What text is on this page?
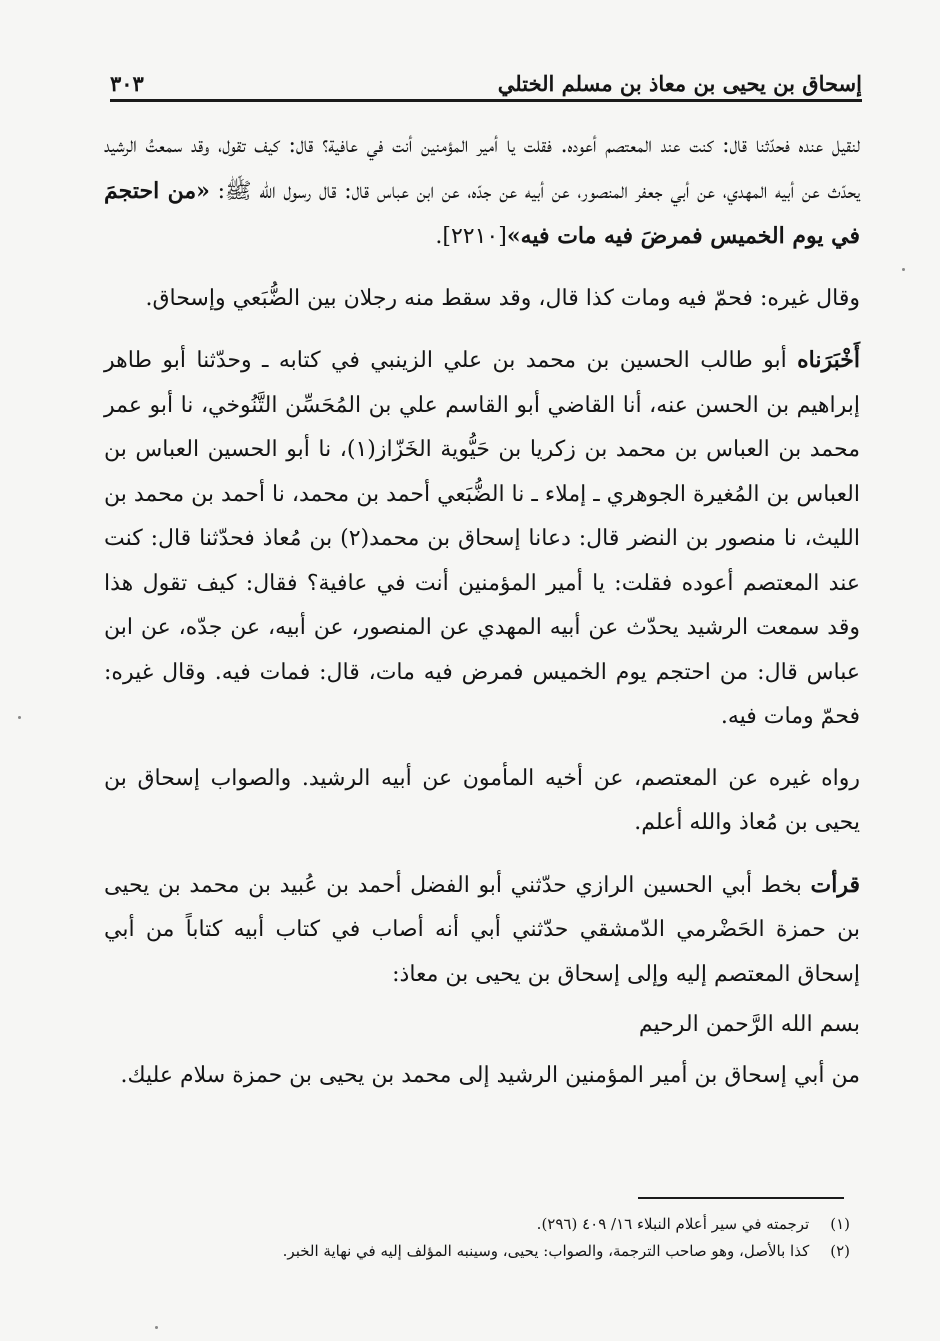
إسحاق بن يحيى بن معاذ بن مسلم الختلي
٣٠٣

لنقيل عنده فحدّثنا قال: كنت عند المعتصم أعوده. فقلت يا أمير المؤمنين أنت في عافية؟ قال: كيف تقول، وقد سمعتُ الرشيد يحدّث عن أبيه المهدي، عن أبي جعفر المنصور، عن أبيه عن جدّه، عن ابن عباس قال: قال رسول الله ﷺ: «من احتجمَ في يوم الخميس فمرضَ فيه مات فيه»[٢٢١٠].

وقال غيره: فحمّ فيه ومات كذا قال، وقد سقط منه رجلان بين الضُّبَعي وإسحاق.

أَخْبَرَناه أبو طالب الحسين بن محمد بن علي الزينبي في كتابه ـ وحدّثنا أبو طاهر إبراهيم بن الحسن عنه، أنا القاضي أبو القاسم علي بن المُحَسِّن التَّنُوخي، نا أبو عمر محمد بن العباس بن محمد بن زكريا بن حَيُّوية الخَزّاز(١)، نا أبو الحسين العباس بن العباس بن المُغيرة الجوهري ـ إملاء ـ نا الضُّبَعي أحمد بن محمد، نا أحمد بن محمد بن الليث، نا منصور بن النضر قال: دعانا إسحاق بن محمد(٢) بن مُعاذ فحدّثنا قال: كنت عند المعتصم أعوده فقلت: يا أمير المؤمنين أنت في عافية؟ فقال: كيف تقول هذا وقد سمعت الرشيد يحدّث عن أبيه المهدي عن المنصور، عن أبيه، عن جدّه، عن ابن عباس قال: من احتجم يوم الخميس فمرض فيه مات، قال: فمات فيه. وقال غيره: فحمّ ومات فيه.

رواه غيره عن المعتصم، عن أخيه المأمون عن أبيه الرشيد. والصواب إسحاق بن يحيى بن مُعاذ والله أعلم.

قرأت بخط أبي الحسين الرازي حدّثني أبو الفضل أحمد بن عُبيد بن محمد بن يحيى بن حمزة الحَضْرمي الدّمشقي حدّثني أبي أنه أصاب في كتاب أبيه كتاباً من أبي إسحاق المعتصم إليه وإلى إسحاق بن يحيى بن معاذ:

بسم الله الرَّحمن الرحيم

من أبي إسحاق بن أمير المؤمنين الرشيد إلى محمد بن يحيى بن حمزة سلام عليك.

(١) ترجمته في سير أعلام النبلاء ١٦/ ٤٠٩ (٢٩٦).
(٢) كذا بالأصل، وهو صاحب الترجمة، والصواب: يحيى، وسينبه المؤلف إليه في نهاية الخبر.
